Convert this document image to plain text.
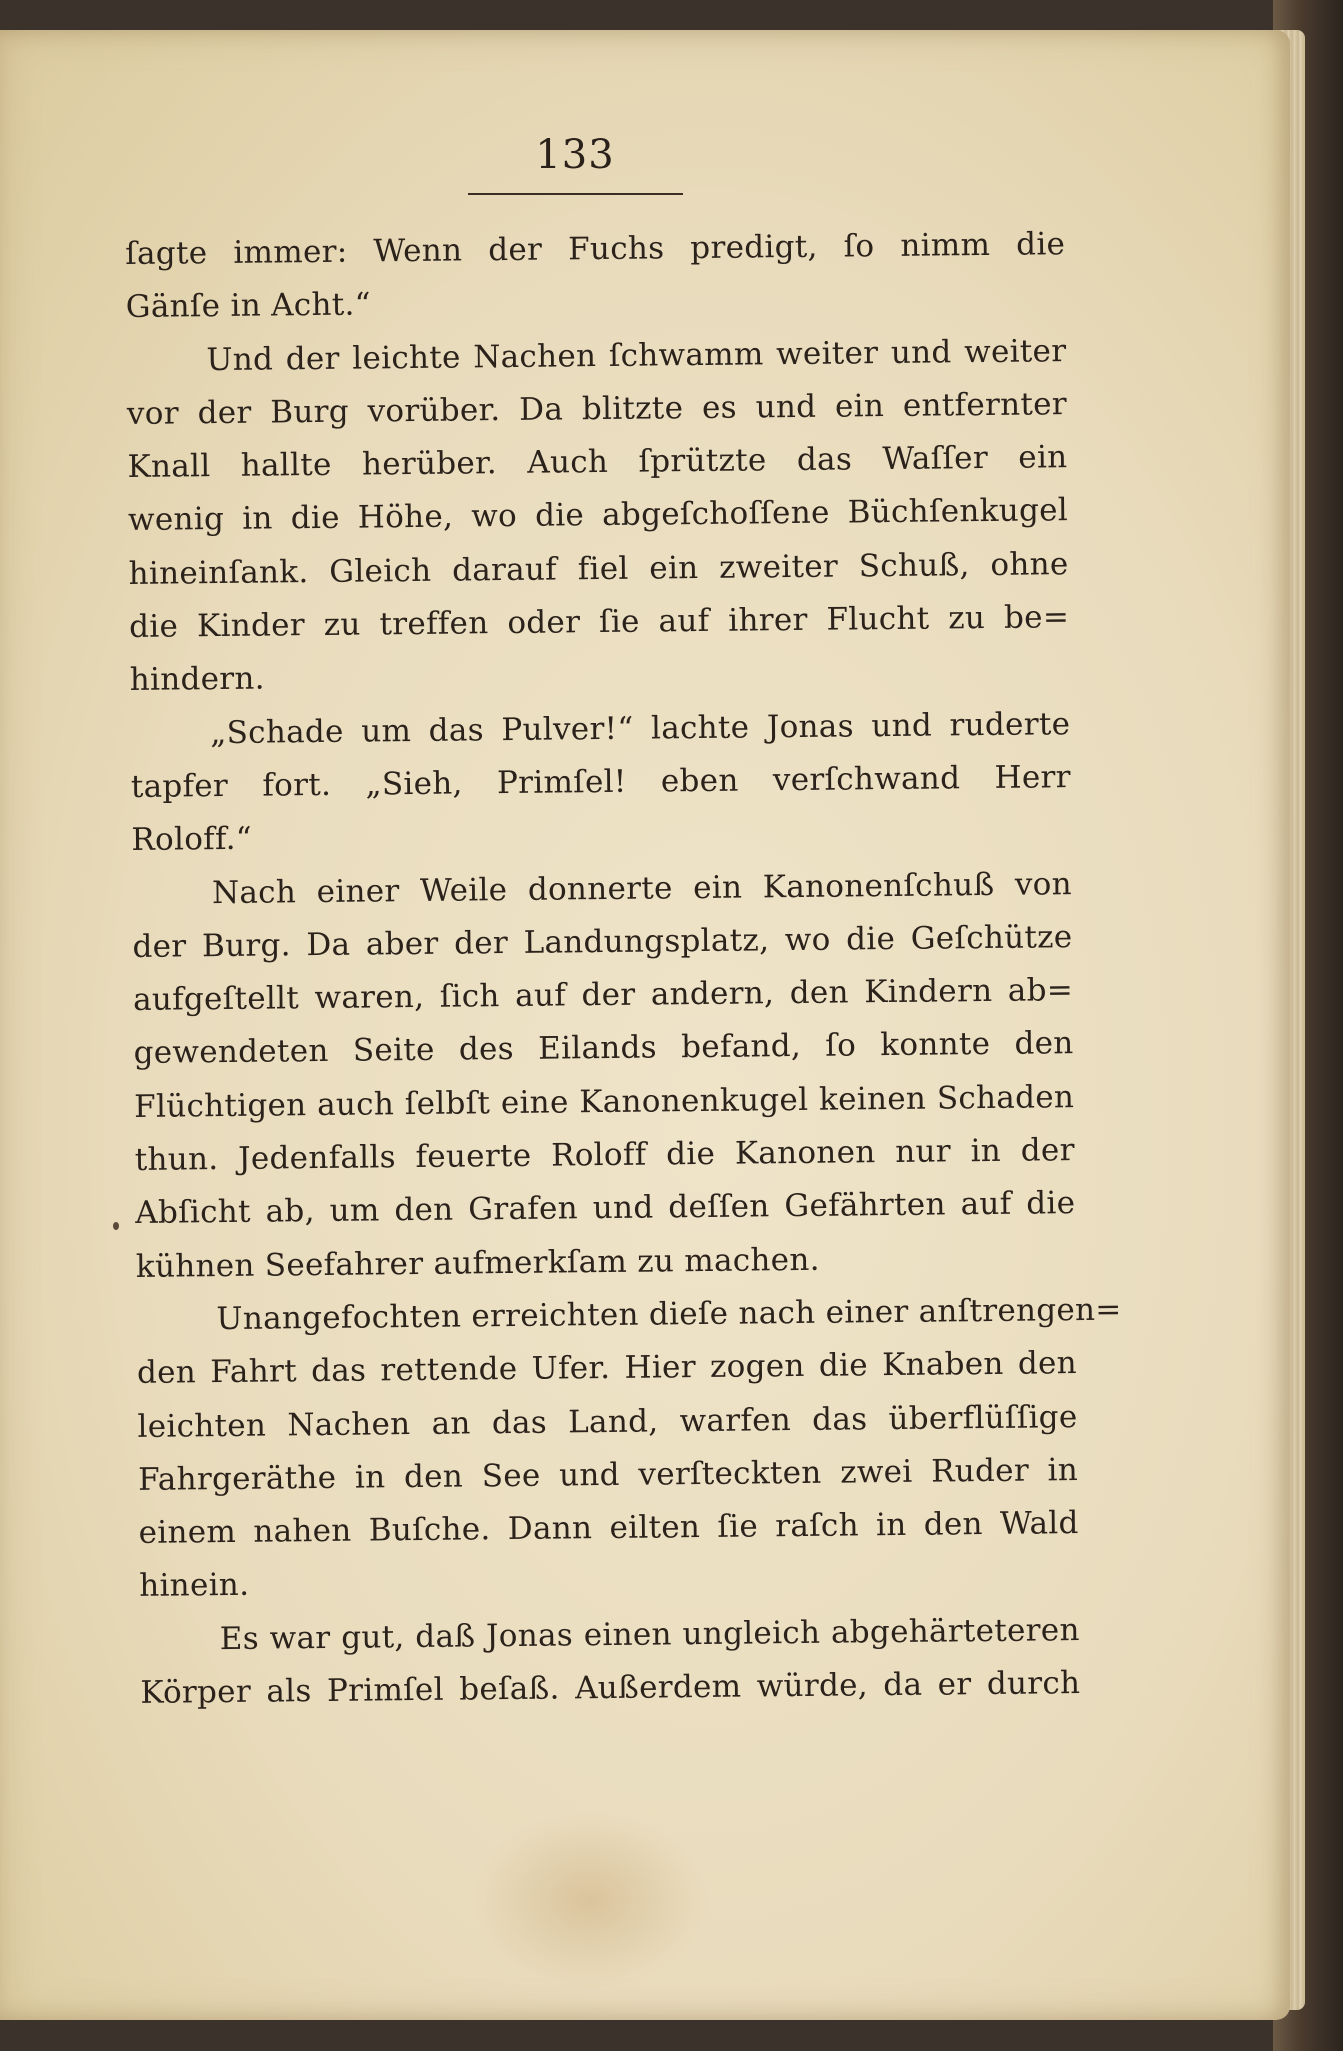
133
ſagte immer: Wenn der Fuchs predigt, ſo nimm die
Gänſe in Acht.“
Und der leichte Nachen ſchwamm weiter und weiter
vor der Burg vorüber. Da blitzte es und ein entfernter
Knall hallte herüber. Auch ſprützte das Waſſer ein
wenig in die Höhe, wo die abgeſchoſſene Büchſenkugel
hineinſank. Gleich darauf fiel ein zweiter Schuß, ohne
die Kinder zu treffen oder ſie auf ihrer Flucht zu be=
hindern.
„Schade um das Pulver!“ lachte Jonas und ruderte
tapfer fort. „Sieh, Primſel! eben verſchwand Herr
Roloff.“
Nach einer Weile donnerte ein Kanonenſchuß von
der Burg. Da aber der Landungsplatz, wo die Geſchütze
aufgeſtellt waren, ſich auf der andern, den Kindern ab=
gewendeten Seite des Eilands befand, ſo konnte den
Flüchtigen auch ſelbſt eine Kanonenkugel keinen Schaden
thun. Jedenfalls feuerte Roloff die Kanonen nur in der
Abſicht ab, um den Grafen und deſſen Gefährten auf die
kühnen Seefahrer aufmerkſam zu machen.
Unangefochten erreichten dieſe nach einer anſtrengen=
den Fahrt das rettende Ufer. Hier zogen die Knaben den
leichten Nachen an das Land, warfen das überflüſſige
Fahrgeräthe in den See und verſteckten zwei Ruder in
einem nahen Buſche. Dann eilten ſie raſch in den Wald
hinein.
Es war gut, daß Jonas einen ungleich abgehärteteren
Körper als Primſel beſaß. Außerdem würde, da er durch
